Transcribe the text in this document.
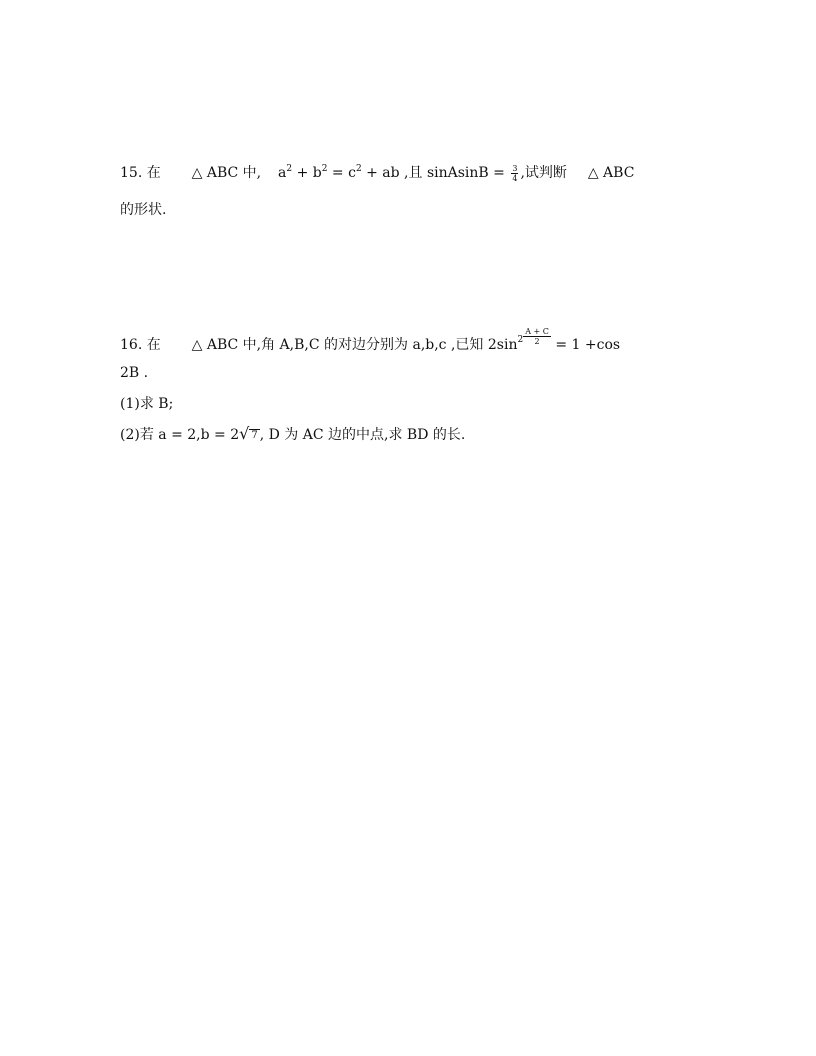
15. 在 △ ABC 中, $a^2 + b^2 = c^2$ + ab ,且 sinAsinB = $\frac{3}{4}$ ,试判断 △ ABC
的形状.
16. 在 △ ABC 中,角 A,B,C 的对边分别为 a,b,c ,已知 $2\sin^2 \frac{A + C}{2} = 1 +\cos$
2B .
(1)求 B;
(2)若 a = 2,b = 2√ 7 , D 为 AC 边的中点,求 BD 的长.
